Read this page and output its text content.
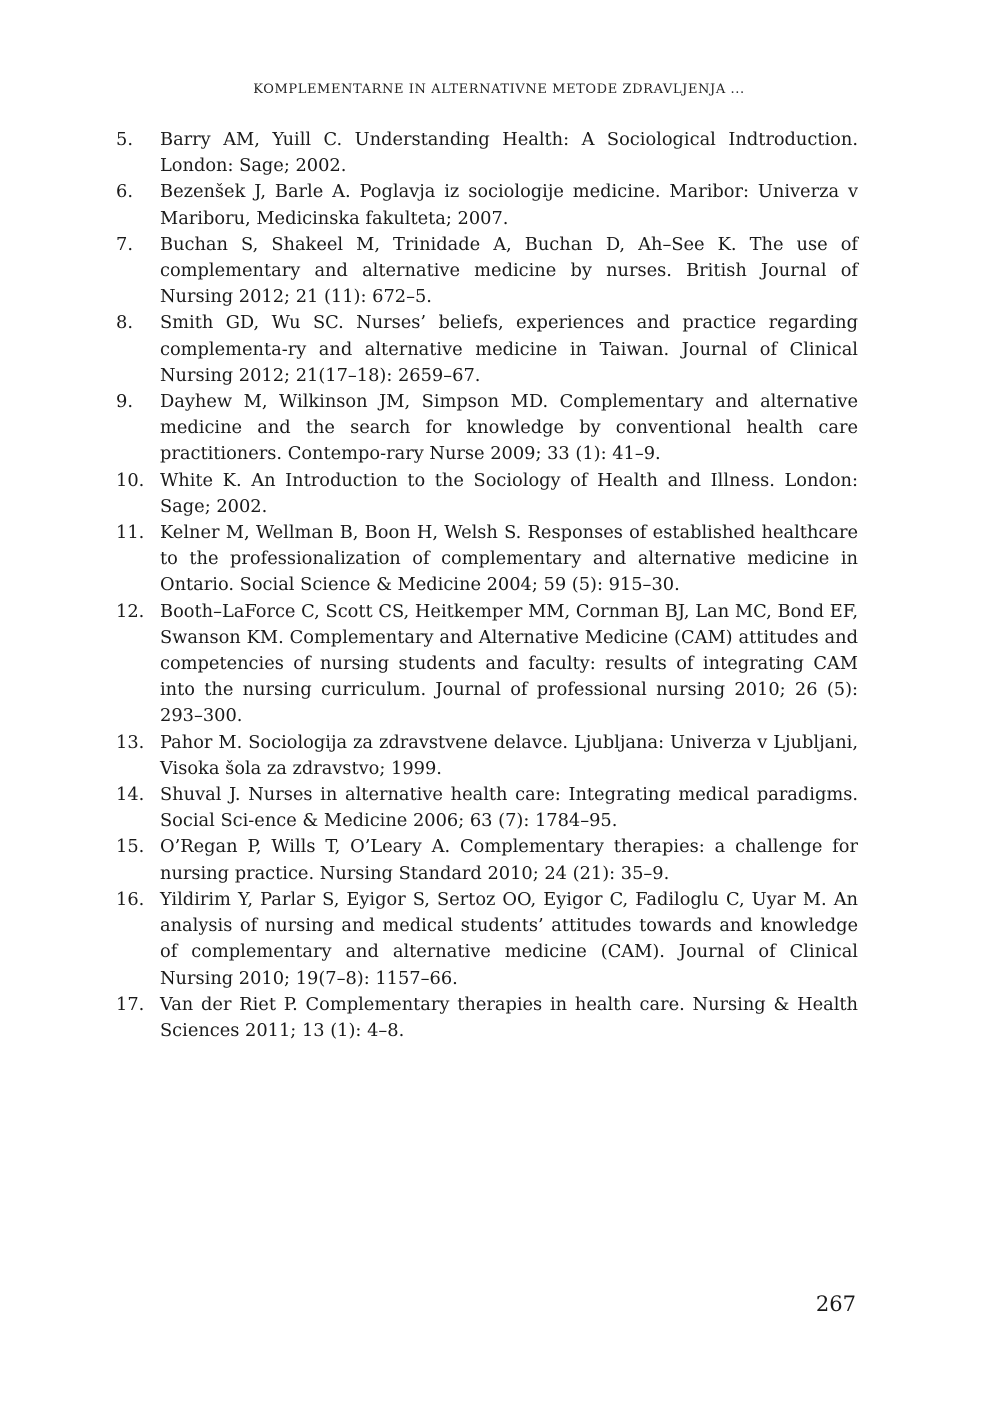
KOMPLEMENTARNE IN ALTERNATIVNE METODE ZDRAVLJENJA ...
5.	Barry AM, Yuill C. Understanding Health: A Sociological Indtroduction. London: Sage; 2002.
6.	Bezenšek J, Barle A. Poglavja iz sociologije medicine. Maribor: Univerza v Mariboru, Medicinska fakulteta; 2007.
7.	Buchan S, Shakeel M, Trinidade A, Buchan D, Ah–See K. The use of complementary and alternative medicine by nurses. British Journal of Nursing 2012; 21 (11): 672–5.
8.	Smith GD, Wu SC. Nurses’ beliefs, experiences and practice regarding complementa-ry and alternative medicine in Taiwan. Journal of Clinical Nursing 2012; 21(17–18): 2659–67.
9.	Dayhew M, Wilkinson JM, Simpson MD. Complementary and alternative medicine and the search for knowledge by conventional health care practitioners. Contempo-rary Nurse 2009; 33 (1): 41–9.
10. White K. An Introduction to the Sociology of Health and Illness. London: Sage; 2002.
11. Kelner M, Wellman B, Boon H, Welsh S. Responses of established healthcare to the professionalization of complementary and alternative medicine in Ontario. Social Science & Medicine 2004; 59 (5): 915–30.
12. Booth–LaForce C, Scott CS, Heitkemper MM, Cornman BJ, Lan MC, Bond EF, Swanson KM. Complementary and Alternative Medicine (CAM) attitudes and competencies of nursing students and faculty: results of integrating CAM into the nursing curriculum. Journal of professional nursing 2010; 26 (5): 293–300.
13. Pahor M. Sociologija za zdravstvene delavce. Ljubljana: Univerza v Ljubljani, Visoka šola za zdravstvo; 1999.
14. Shuval J. Nurses in alternative health care: Integrating medical paradigms. Social Sci-ence & Medicine 2006; 63 (7): 1784–95.
15. O’Regan P, Wills T, O’Leary A. Complementary therapies: a challenge for nursing practice. Nursing Standard 2010; 24 (21): 35–9.
16. Yildirim Y, Parlar S, Eyigor S, Sertoz OO, Eyigor C, Fadiloglu C, Uyar M. An analysis of nursing and medical students’ attitudes towards and knowledge of complementary and alternative medicine (CAM). Journal of Clinical Nursing 2010; 19(7–8): 1157–66.
17. Van der Riet P. Complementary therapies in health care. Nursing & Health Sciences 2011; 13 (1): 4–8.
267
